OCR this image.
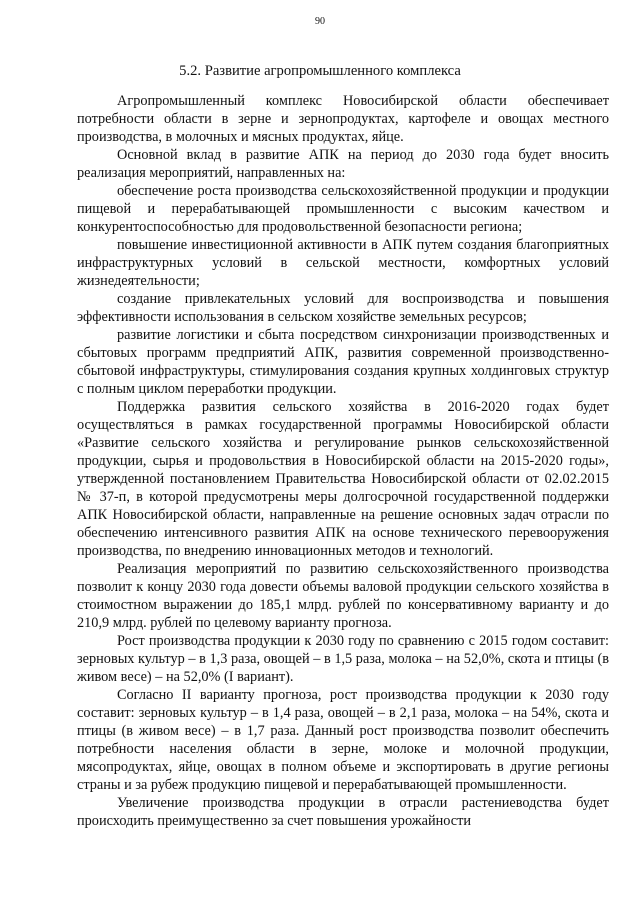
90
5.2. Развитие агропромышленного комплекса

Агропромышленный комплекс Новосибирской области обеспечивает потребности области в зерне и зернопродуктах, картофеле и овощах местного производства, в молочных и мясных продуктах, яйце.

Основной вклад в развитие АПК на период до 2030 года будет вносить реализация мероприятий, направленных на:

обеспечение роста производства сельскохозяйственной продукции и продукции пищевой и перерабатывающей промышленности с высоким качеством и конкурентоспособностью для продовольственной безопасности региона;

повышение инвестиционной активности в АПК путем создания благоприятных инфраструктурных условий в сельской местности, комфортных условий жизнедеятельности;

создание привлекательных условий для воспроизводства и повышения эффективности использования в сельском хозяйстве земельных ресурсов;

развитие логистики и сбыта посредством синхронизации производственных и сбытовых программ предприятий АПК, развития современной производственно-сбытовой инфраструктуры, стимулирования создания крупных холдинговых структур с полным циклом переработки продукции.

Поддержка развития сельского хозяйства в 2016-2020 годах будет осуществляться в рамках государственной программы Новосибирской области «Развитие сельского хозяйства и регулирование рынков сельскохозяйственной продукции, сырья и продовольствия в Новосибирской области на 2015-2020 годы», утвержденной постановлением Правительства Новосибирской области от 02.02.2015 № 37-п, в которой предусмотрены меры долгосрочной государственной поддержки АПК Новосибирской области, направленные на решение основных задач отрасли по обеспечению интенсивного развития АПК на основе технического перевооружения производства, по внедрению инновационных методов и технологий.

Реализация мероприятий по развитию сельскохозяйственного производства позволит к концу 2030 года довести объемы валовой продукции сельского хозяйства в стоимостном выражении до 185,1 млрд. рублей по консервативному варианту и до 210,9 млрд. рублей по целевому варианту прогноза.

Рост производства продукции к 2030 году по сравнению с 2015 годом составит: зерновых культур – в 1,3 раза, овощей – в 1,5 раза, молока – на 52,0%, скота и птицы (в живом весе) – на 52,0% (I вариант).

Согласно II варианту прогноза, рост производства продукции к 2030 году составит: зерновых культур – в 1,4 раза, овощей – в 2,1 раза, молока – на 54%, скота и птицы (в живом весе) – в 1,7 раза. Данный рост производства позволит обеспечить потребности населения области в зерне, молоке и молочной продукции, мясопродуктах, яйце, овощах в полном объеме и экспортировать в другие регионы страны и за рубеж продукцию пищевой и перерабатывающей промышленности.

Увеличение производства продукции в отрасли растениеводства будет происходить преимущественно за счет повышения урожайности
